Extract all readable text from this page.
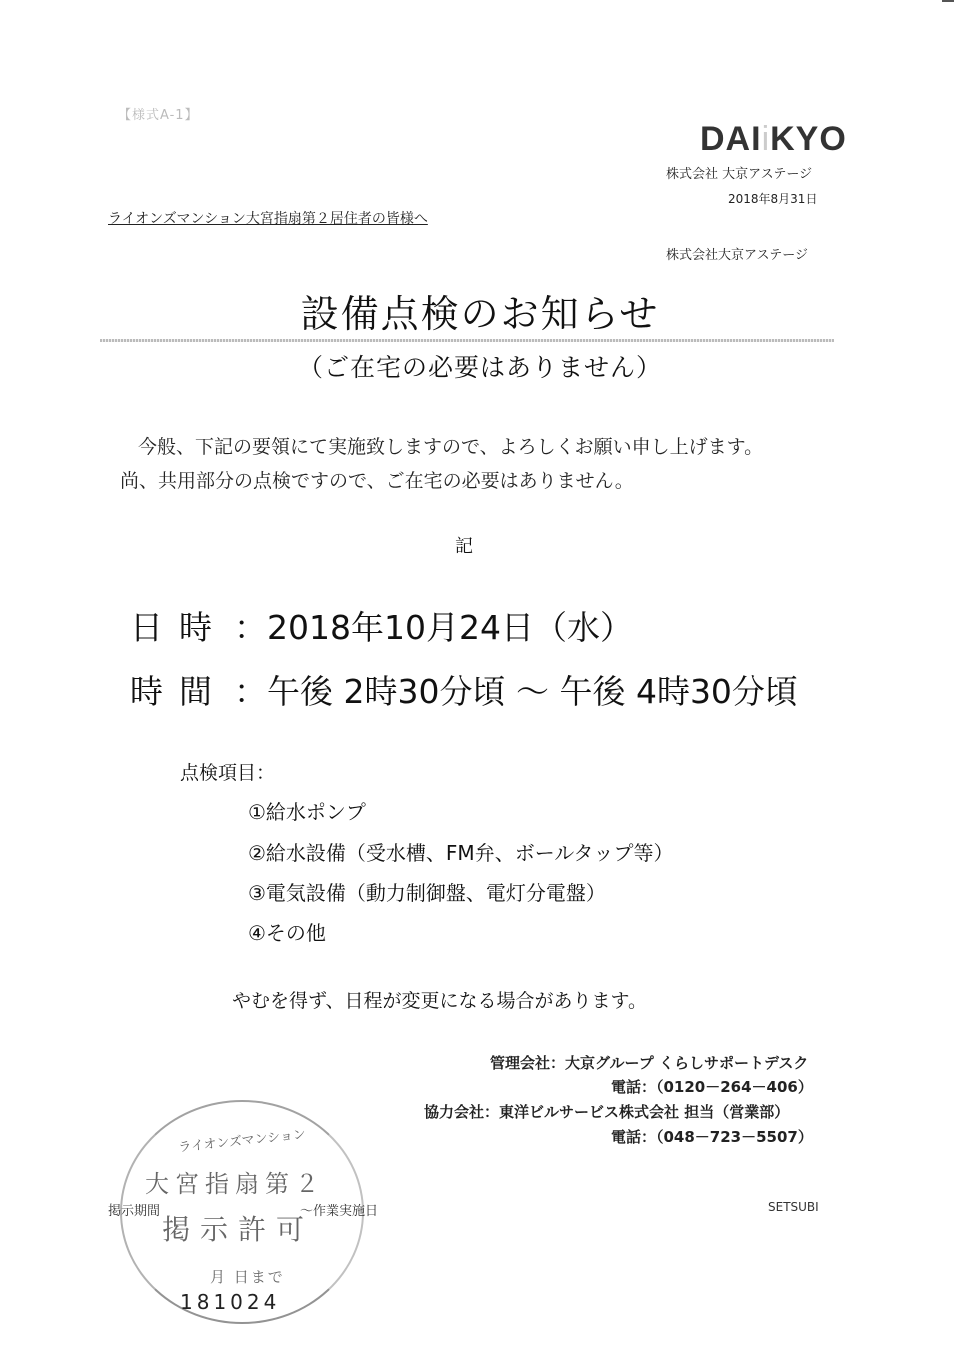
【様式A-1】
DAIiKYO
株式会社 大京アステージ
2018年8月31日
ライオンズマンション大宮指扇第２居住者の皆様へ
株式会社大京アステージ
設備点検のお知らせ
（ご在宅の必要はありません）
今般、下記の要領にて実施致しますので、よろしくお願い申し上げます。
尚、共用部分の点検ですので、ご在宅の必要はありません。
記
日時 ：2018年10月24日（水）
時間 ：午後 2時30分頃 ～ 午後 4時30分頃
点検項目：
①給水ポンプ
②給水設備（受水槽、FM弁、ボールタップ等）
③電気設備（動力制御盤、電灯分電盤）
④その他
やむを得ず、日程が変更になる場合があります。
管理会社：大京グループ くらしサポートデスク
電話：（0120－264－406）
協力会社：東洋ビルサービス株式会社 担当（営業部）
電話：（048－723－5507）
SETSUBI
ライオンズマンション
大宮指扇第２
掲示許可
月 日まで
181024
掲示期間	～作業実施日
